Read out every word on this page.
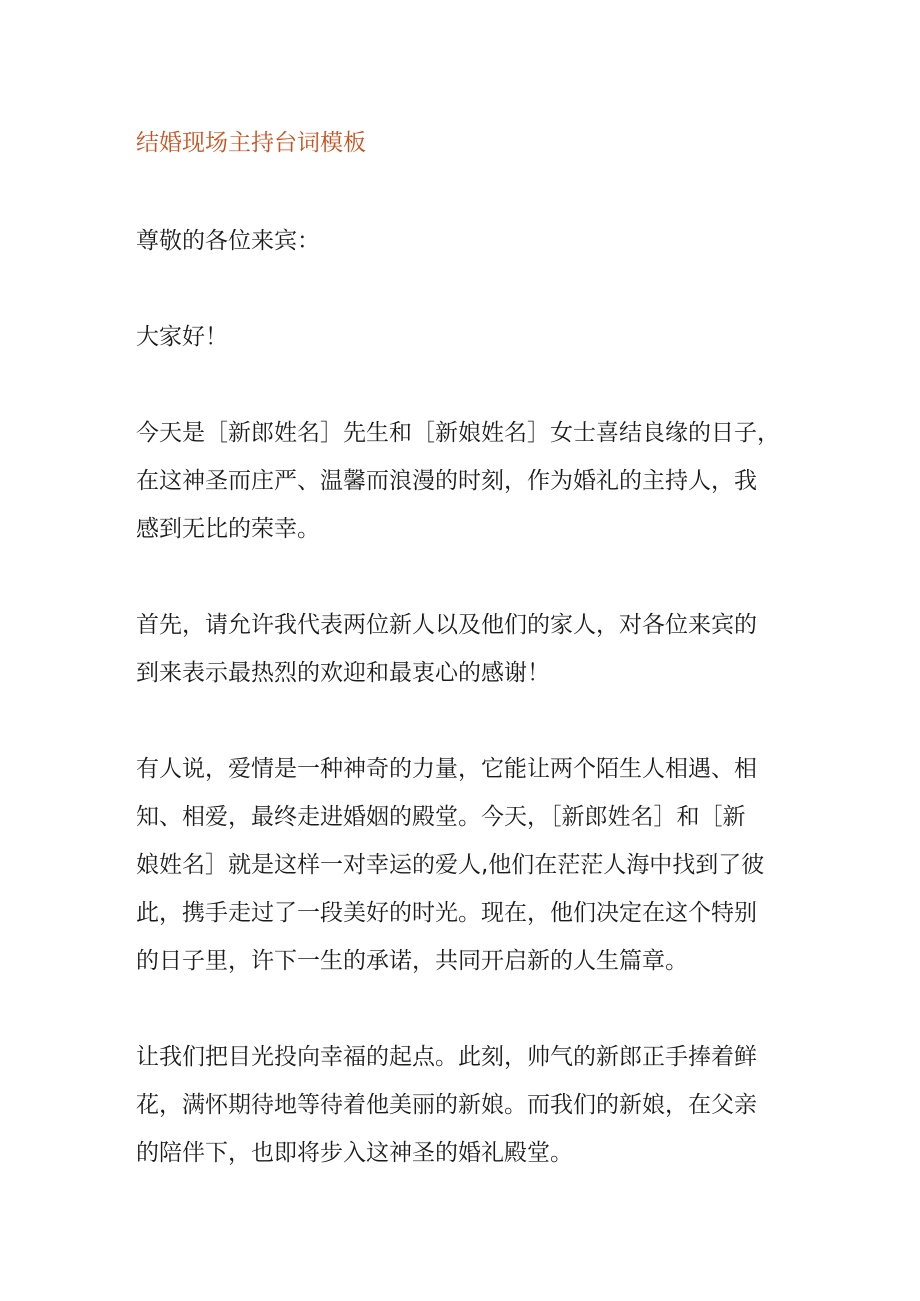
结婚现场主持台词模板

尊敬的各位来宾：

大家好！

今天是［新郎姓名］先生和［新娘姓名］女士喜结良缘的日子，
在这神圣而庄严、温馨而浪漫的时刻，作为婚礼的主持人，我
感到无比的荣幸。

首先，请允许我代表两位新人以及他们的家人，对各位来宾的
到来表示最热烈的欢迎和最衷心的感谢！

有人说，爱情是一种神奇的力量，它能让两个陌生人相遇、相
知、相爱，最终走进婚姻的殿堂。今天，［新郎姓名］和［新
娘姓名］就是这样一对幸运的爱人,他们在茫茫人海中找到了彼
此，携手走过了一段美好的时光。现在，他们决定在这个特别
的日子里，许下一生的承诺，共同开启新的人生篇章。

让我们把目光投向幸福的起点。此刻，帅气的新郎正手捧着鲜
花，满怀期待地等待着他美丽的新娘。而我们的新娘，在父亲
的陪伴下，也即将步入这神圣的婚礼殿堂。
